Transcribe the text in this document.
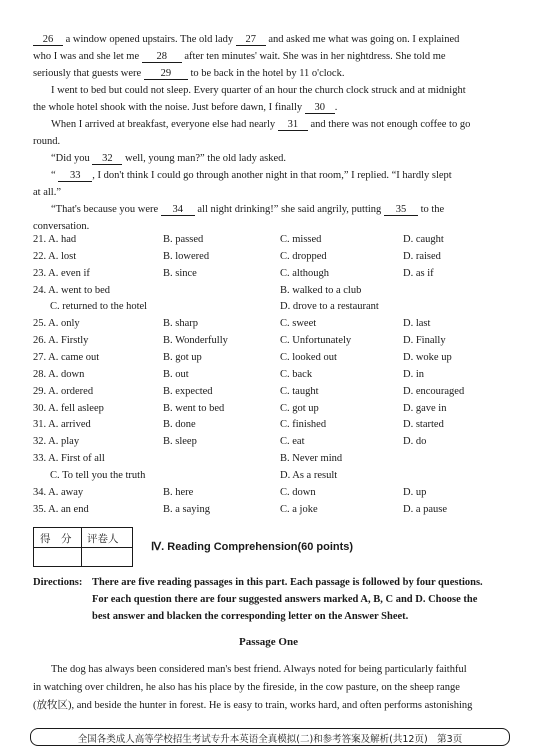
26 a window opened upstairs. The old lady 27 and asked me what was going on. I explained
who I was and she let me 28 after ten minutes' wait. She was in her nightdress. She told me
seriously that guests were 29 to be back in the hotel by 11 o'clock.
I went to bed but could not sleep. Every quarter of an hour the church clock struck and at midnight
the whole hotel shook with the noise. Just before dawn, I finally 30 .
When I arrived at breakfast, everyone else had nearly 31 and there was not enough coffee to go
round.
“Did you 32 well, young man?” the old lady asked.
“ 33 , I don't think I could go through another night in that room,” I replied. “I hardly slept
at all.”
“That's because you were 34 all night drinking!” she said angrily, putting 35 to the
conversation.
21. A. had	B. passed	C. missed	D. caught
22. A. lost	B. lowered	C. dropped	D. raised
23. A. even if	B. since	C. although	D. as if
24. A. went to bed	B. walked to a club
C. returned to the hotel	D. drove to a restaurant
25. A. only	B. sharp	C. sweet	D. last
26. A. Firstly	B. Wonderfully	C. Unfortunately	D. Finally
27. A. came out	B. got up	C. looked out	D. woke up
28. A. down	B. out	C. back	D. in
29. A. ordered	B. expected	C. taught	D. encouraged
30. A. fell asleep	B. went to bed	C. got up	D. gave in
31. A. arrived	B. done	C. finished	D. started
32. A. play	B. sleep	C. eat	D. do
33. A. First of all	B. Never mind
C. To tell you the truth	D. As a result
34. A. away	B. here	C. down	D. up
35. A. an end	B. a saying	C. a joke	D. a pause
得　分 评卷人
Ⅳ. Reading Comprehension(60 points)
Directions: There are five reading passages in this part. Each passage is followed by four questions.
For each question there are four suggested answers marked A, B, C and D. Choose the
best answer and blacken the corresponding letter on the Answer Sheet.
Passage One
The dog has always been considered man's best friend. Always noted for being particularly faithful
in watching over children, he also has his place by the fireside, in the cow pasture, on the sheep range
(放牧区), and beside the hunter in forest. He is easy to train, works hard, and often performs astonishing
全国各类成人高等学校招生考试专升本英语全真模拟(二)和参考答案及解析(共12页)　第3页
